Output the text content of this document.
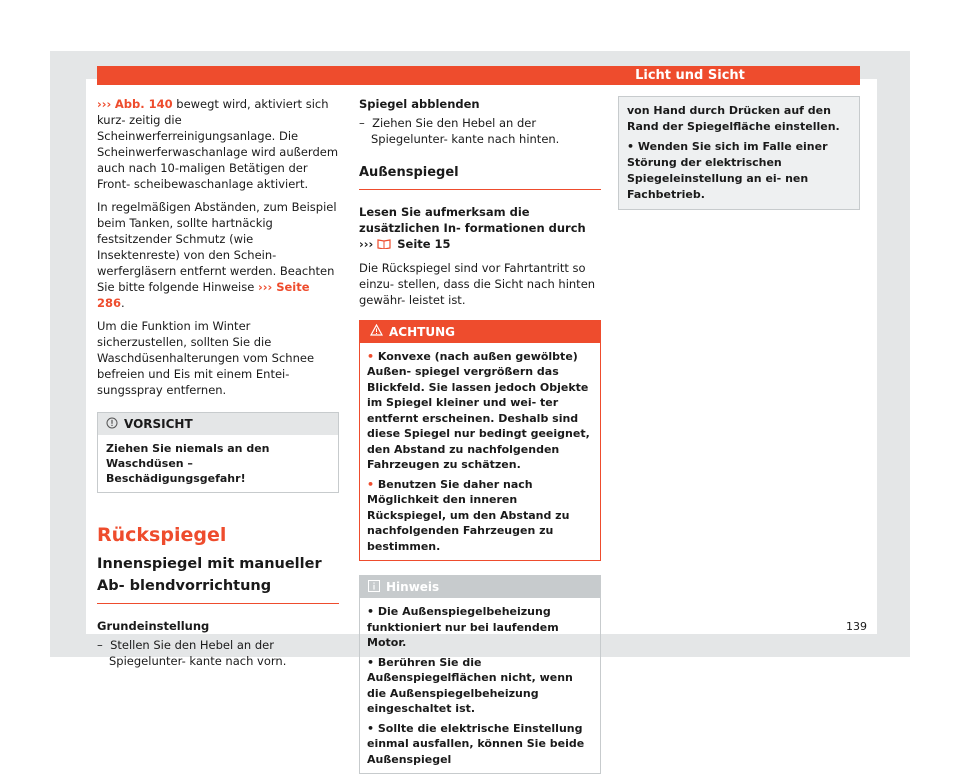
Licht und Sicht

››› Abb. 140 bewegt wird, aktiviert sich kurz- zeitig die Scheinwerferreinigungsanlage. Die Scheinwerferwaschanlage wird außerdem auch nach 10-maligen Betätigen der Front- scheibewaschanlage aktiviert.

In regelmäßigen Abständen, zum Beispiel beim Tanken, sollte hartnäckig festsitzender Schmutz (wie Insektenreste) von den Schein- werfergläsern entfernt werden. Beachten Sie bitte folgende Hinweise ››› Seite 286.

Um die Funktion im Winter sicherzustellen, sollten Sie die Waschdüsenhalterungen vom Schnee befreien und Eis mit einem Entei- sungsspray entfernen.

VORSICHT
Ziehen Sie niemals an den Waschdüsen – Beschädigungsgefahr!
Rückspiegel
Innenspiegel mit manueller Ab- blendvorrichtung

Grundeinstellung

– Stellen Sie den Hebel an der Spiegelunter- kante nach vorn.

Spiegel abblenden

– Ziehen Sie den Hebel an der Spiegelunter- kante nach hinten.

Außenspiegel

Lesen Sie aufmerksam die zusätzlichen In- formationen durch ››› Seite 15

Die Rückspiegel sind vor Fahrtantritt so einzu- stellen, dass die Sicht nach hinten gewähr- leistet ist.

ACHTUNG

• Konvexe (nach außen gewölbte) Außen- spiegel vergrößern das Blickfeld. Sie lassen jedoch Objekte im Spiegel kleiner und wei- ter entfernt erscheinen. Deshalb sind diese Spiegel nur bedingt geeignet, den Abstand zu nachfolgenden Fahrzeugen zu schätzen.

• Benutzen Sie daher nach Möglichkeit den inneren Rückspiegel, um den Abstand zu nachfolgenden Fahrzeugen zu bestimmen.

Hinweis

• Die Außenspiegelbeheizung funktioniert nur bei laufendem Motor.

• Berühren Sie die Außenspiegelflächen nicht, wenn die Außenspiegelbeheizung eingeschaltet ist.

• Sollte die elektrische Einstellung einmal ausfallen, können Sie beide Außenspiegel

von Hand durch Drücken auf den Rand der Spiegelfläche einstellen.

• Wenden Sie sich im Falle einer Störung der elektrischen Spiegeleinstellung an ei- nen Fachbetrieb.

139
